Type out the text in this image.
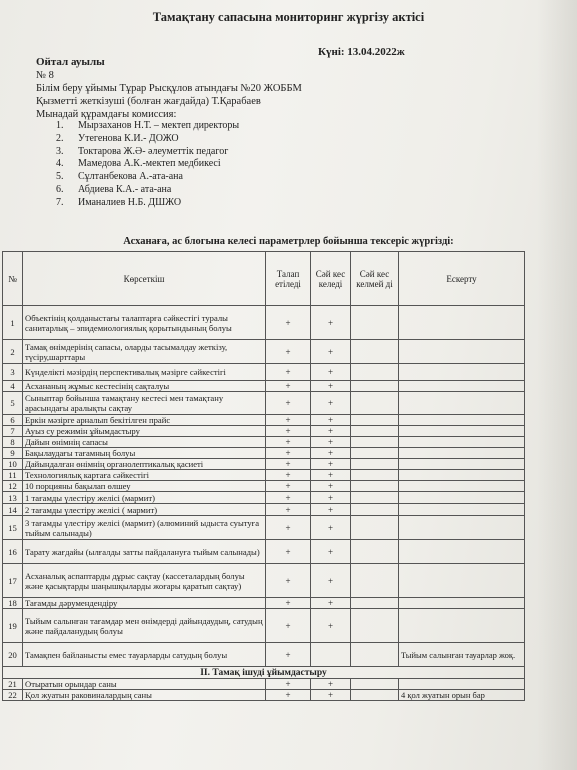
Тамақтану сапасына мониторинг жүргізу актісі
Күні: 13.04.2022ж
Ойтал ауылы
№ 8
Білім беру ұйымы Тұрар Рысқұлов атындағы №20 ЖОББМ
Қызметті жеткізуші (болған жағдайда) Т.Қарабаев
Мынадай құрамдағы комиссия:
1. Мырзаханов Н.Т. – мектеп директоры
2. Утегенова К.И.- ДОЖО
3. Токтарова Ж.Ә- әлеуметтік педагог
4. Мамедова А.К.-мектеп медбикесі
5. Сұлтанбекова А.-ата-ана
6. Абдиева К.А.- ата-ана
7. Иманалиев Н.Б. ДШЖО
Асханаға, ас блогына келесі параметрлер бойынша тексеріс жүргізді:
№	Көрсеткіш	Талап етіледі	Сәй кес келеді	Сәй кес келмей ді	Ескерту
1	Объектінің қолданыстағы талаптарға сәйкестігі туралы санитарлық – эпидемиологиялық қорытындының болуы	+	+		
2	Тамақ өнімдерінің сапасы, оларды тасымалдау жеткізу, түсіру,шарттары	+	+		
3	Күнделікті мәзірдің перспективалық мәзірге сәйкестігі	+	+		
4	Асхананың жұмыс кестесінің сақталуы	+	+		
5	Сыныптар бойынша тамақтану кестесі мен тамақтану арасындағы аралықты сақтау	+	+		
6	Еркін мәзірге арналып бекітілген прайс	+	+		
7	Ауыз су режимін ұйымдастыру	+	+		
8	Дайын өнімнің сапасы	+	+		
9	Бақылаудағы тағамның болуы	+	+		
10	Дайындалған өнімнің органолептикалық қасиеті	+	+		
11	Технологиялық картаға сәйкестігі	+	+		
12	10 порцияны бақылап өлшеу	+	+		
13	1 тағамды үлестіру желісі (мармит)	+	+		
14	2 тағамды үлестіру желісі ( мармит)	+	+		
15	3 тағамды үлестіру желісі (мармит) (алюминий ыдыста суытуға тыйым салынады)	+	+		
16	Тарату жағдайы (ылғалды затты пайдалануға тыйым салынады)	+	+		
17	Асханалық аспаптарды дұрыс сақтау (кассеталардың болуы және қасықтарды шаңышқыларды жоғары қаратып сақтау)	+	+		
18	Тағамды дәрумендендіру	+	+		
19	Тыйым салынған тағамдар мен өнімдерді дайындаудың, сатудың және пайдаланудың болуы	+	+		
20	Тамақпен байланысты емес тауарларды сатудың болуы	+			Тыйым салынған тауарлар жоқ.
II. Тамақ ішуді ұйымдастыру					
21	Отыратын орындар саны	+	+		
22	Қол жуатын раковиналардың саны	+	+		4 қол жуатын орын бар
